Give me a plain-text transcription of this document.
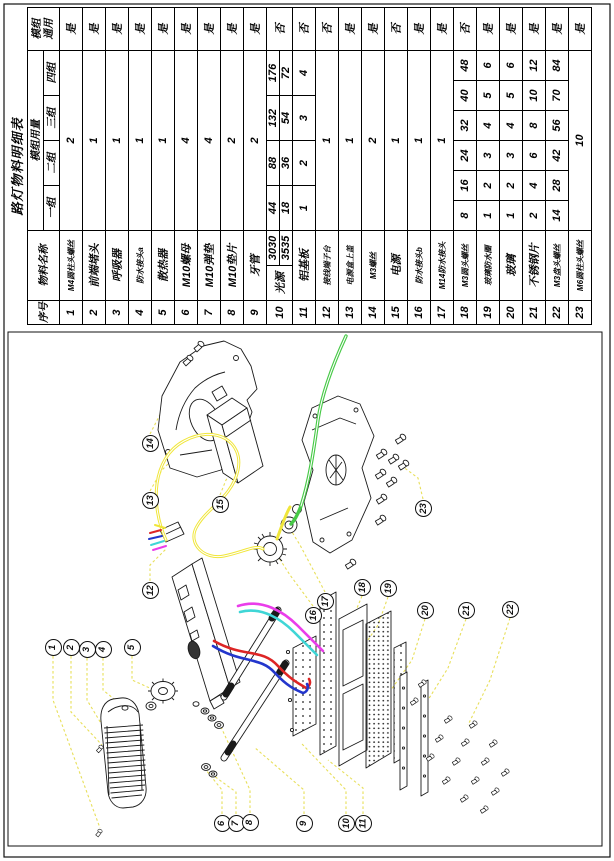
路灯物料明细表
序号	物料名称		模组用量								模组
通用
			一组		二组		三组		四组		
1	M4圆柱头螺丝		2								是
2	前端堵头		1								是
3	呼吸器		1								是
4	防水接头a		1								是
5	散热器		1								是
6	M10螺母		4								是
7	M10弹垫		4								是
8	M10垫片		2								是
9	牙管		2								是
10	光源	3030	44		88		132		176		否
		3535	18		36		54		72		
11	铝基板		1		2		3		4		否
12	接线端子台		1								否
13	电源盒上盖		1								是
14	M3螺丝		2								是
15	电源		1								否
16	防水接头b		1								是
17	M14防水接头		1								是
18	M3圆头螺丝		8	16		24	32	40		48	否
19	玻璃防水圈		1	2		3	4	5		6	是
20	玻璃		1	2		3	4	5		6	是
21	不锈钢片		2	4		6	8	10		12	是
22	M3盘头螺丝		14	28		42	56	70		84	是
23	M6圆柱头螺丝		10								是
1 2 3 4 5
6 7 8	9	10 11
12
13
14
15
16
17
18 19
20	21	22
23
